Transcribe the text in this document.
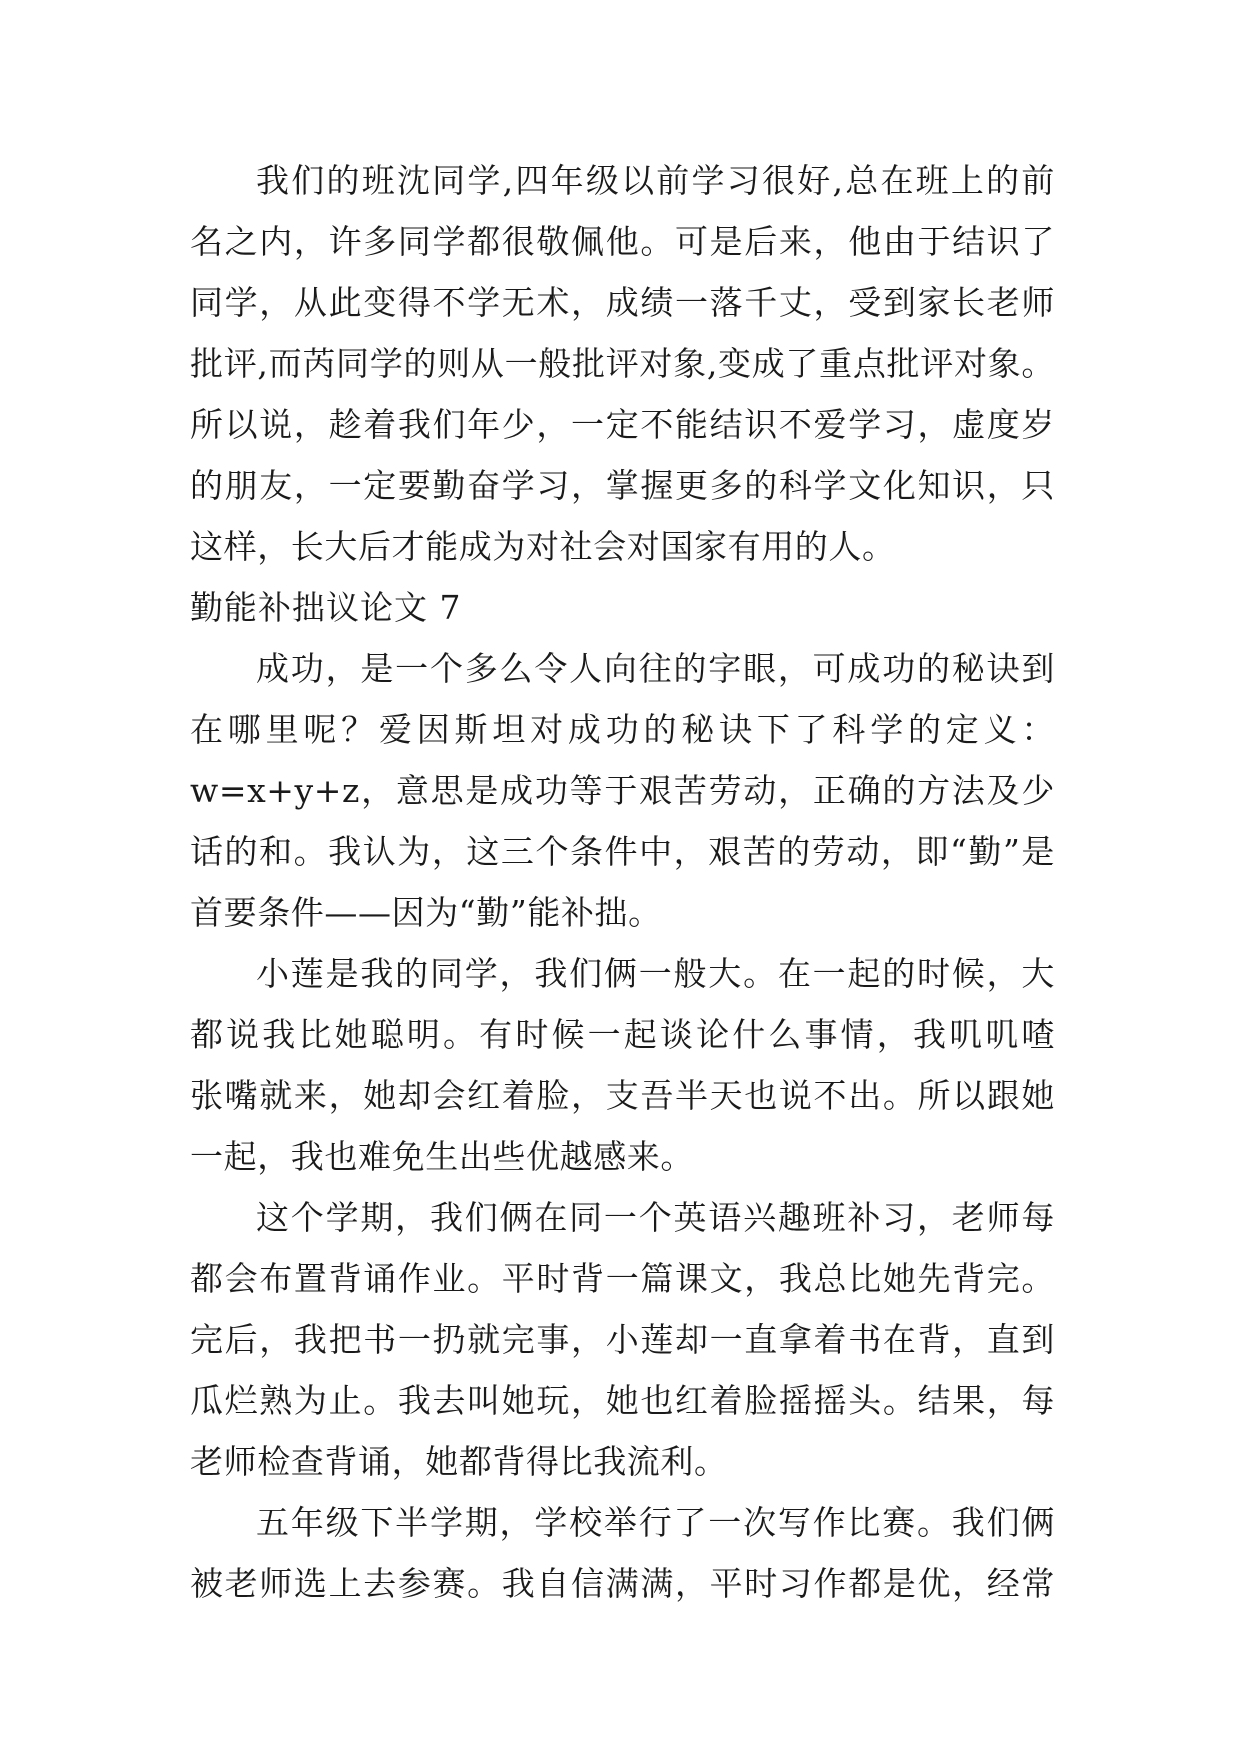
我们的班沈同学,四年级以前学习很好,总在班上的前
名之内，许多同学都很敬佩他。可是后来，他由于结识了
同学，从此变得不学无术，成绩一落千丈，受到家长老师
批评,而芮同学的则从一般批评对象,变成了重点批评对象。
所以说，趁着我们年少，一定不能结识不爱学习，虚度岁
的朋友，一定要勤奋学习，掌握更多的科学文化知识，只
这样，长大后才能成为对社会对国家有用的人。
勤能补拙议论文 7
成功，是一个多么令人向往的字眼，可成功的秘诀到
在哪里呢？爱因斯坦对成功的秘诀下了科学的定义：
w=x+y+z，意思是成功等于艰苦劳动，正确的方法及少
话的和。我认为，这三个条件中，艰苦的劳动，即“勤”是
首要条件——因为“勤”能补拙。
小莲是我的同学，我们俩一般大。在一起的时候，大
都说我比她聪明。有时候一起谈论什么事情，我叽叽喳
张嘴就来，她却会红着脸，支吾半天也说不出。所以跟她
一起，我也难免生出些优越感来。
这个学期，我们俩在同一个英语兴趣班补习，老师每
都会布置背诵作业。平时背一篇课文，我总比她先背完。
完后，我把书一扔就完事，小莲却一直拿着书在背，直到
瓜烂熟为止。我去叫她玩，她也红着脸摇摇头。结果，每
老师检查背诵，她都背得比我流利。
五年级下半学期，学校举行了一次写作比赛。我们俩
被老师选上去参赛。我自信满满，平时习作都是优，经常
